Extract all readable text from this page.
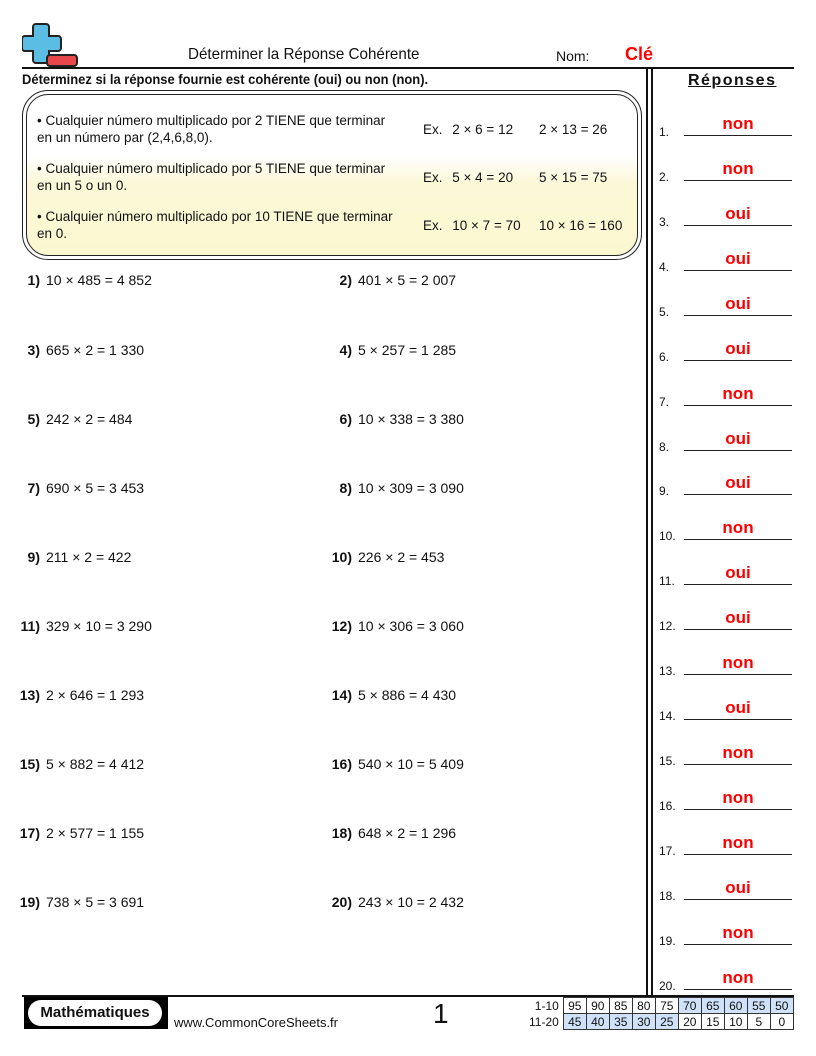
Déterminer la Réponse Cohérente	Nom: Clé
Déterminez si la réponse fournie est cohérente (oui) ou non (non).	Réponses
• Cualquier número multiplicado por 2 TIENE que terminar
en un número par (2,4,6,8,0).
Ex. 2 × 6 = 12 2 × 13 = 26
• Cualquier número multiplicado por 5 TIENE que terminar
en un 5 o un 0.
Ex. 5 × 4 = 20 5 × 15 = 75
• Cualquier número multiplicado por 10 TIENE que terminar
en 0.
Ex. 10 × 7 = 70 10 × 16 = 160
1) 10 × 485 = 4 852	2) 401 × 5 = 2 007
3) 665 × 2 = 1 330	4) 5 × 257 = 1 285
5) 242 × 2 = 484	6) 10 × 338 = 3 380
7) 690 × 5 = 3 453	8) 10 × 309 = 3 090
9) 211 × 2 = 422	10) 226 × 2 = 453
11) 329 × 10 = 3 290	12) 10 × 306 = 3 060
13) 2 × 646 = 1 293	14) 5 × 886 = 4 430
15) 5 × 882 = 4 412	16) 540 × 10 = 5 409
17) 2 × 577 = 1 155	18) 648 × 2 = 1 296
19) 738 × 5 = 3 691	20) 243 × 10 = 2 432
1.	non
2.	non
3.	oui
4.	oui
5.	oui
6.	oui
7.	non
8.	oui
9.	oui
10.	non
11.	oui
12.	oui
13.	non
14.	oui
15.	non
16.	non
17.	non
18.	oui
19.	non
20.	non
Mathématiques
www.CommonCoreSheets.fr	1	1-10	95	90	85	80	75	70	65	60	55	50
11-20	45	40	35	30	25	20	15	10	5	0
